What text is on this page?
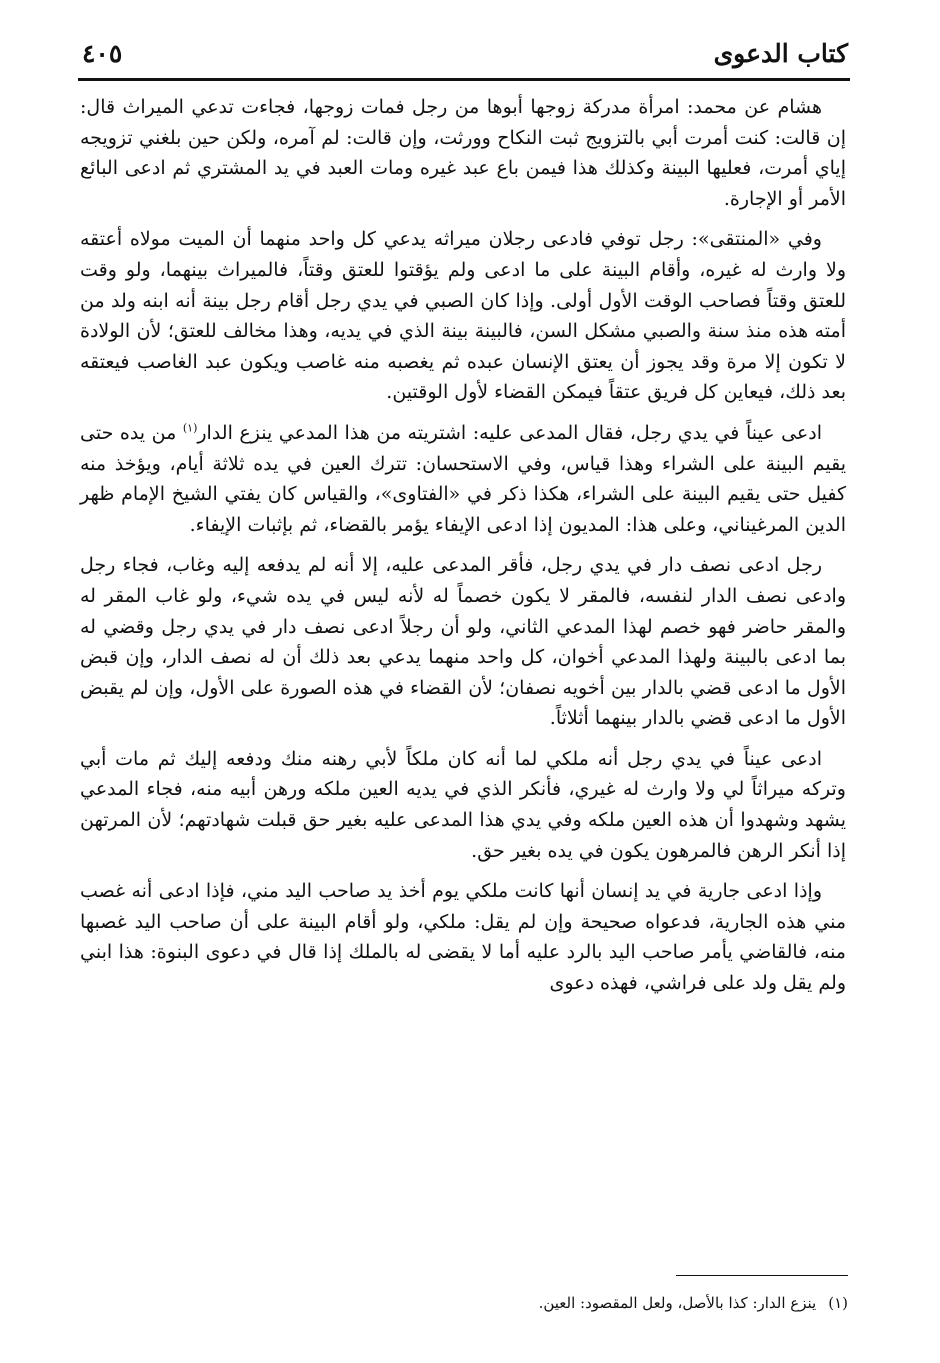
كتاب الدعوى
٤٠٥

هشام عن محمد: امرأة مدركة زوجها أبوها من رجل فمات زوجها، فجاءت تدعي الميراث قال: إن قالت: كنت أمرت أبي بالتزويج ثبت النكاح وورثت، وإن قالت: لم آمره، ولكن حين بلغني تزويجه إياي أمرت، فعليها البينة وكذلك هذا فيمن باع عبد غيره ومات العبد في يد المشتري ثم ادعى البائع الأمر أو الإجارة.

وفي «المنتقى»: رجل توفي فادعى رجلان ميراثه يدعي كل واحد منهما أن الميت مولاه أعتقه ولا وارث له غيره، وأقام البينة على ما ادعى ولم يؤقتوا للعتق وقتاً، فالميراث بينهما، ولو وقت للعتق وقتاً فصاحب الوقت الأول أولى. وإذا كان الصبي في يدي رجل أقام رجل بينة أنه ابنه ولد من أمته هذه منذ سنة والصبي مشكل السن، فالبينة بينة الذي في يديه، وهذا مخالف للعتق؛ لأن الولادة لا تكون إلا مرة وقد يجوز أن يعتق الإنسان عبده ثم يغصبه منه غاصب ويكون عبد الغاصب فيعتقه بعد ذلك، فيعاين كل فريق عتقاً فيمكن القضاء لأول الوقتين.

ادعى عيناً في يدي رجل، فقال المدعى عليه: اشتريته من هذا المدعي ينزع الدار$^{(١)}$ من يده حتى يقيم البينة على الشراء وهذا قياس، وفي الاستحسان: تترك العين في يده ثلاثة أيام، ويؤخذ منه كفيل حتى يقيم البينة على الشراء، هكذا ذكر في «الفتاوى»، والقياس كان يفتي الشيخ الإمام ظهر الدين المرغيناني، وعلى هذا: المديون إذا ادعى الإيفاء يؤمر بالقضاء، ثم بإثبات الإيفاء.

رجل ادعى نصف دار في يدي رجل، فأقر المدعى عليه، إلا أنه لم يدفعه إليه وغاب، فجاء رجل وادعى نصف الدار لنفسه، فالمقر لا يكون خصماً له لأنه ليس في يده شيء، ولو غاب المقر له والمقر حاضر فهو خصم لهذا المدعي الثاني، ولو أن رجلاً ادعى نصف دار في يدي رجل وقضي له بما ادعى بالبينة ولهذا المدعي أخوان، كل واحد منهما يدعي بعد ذلك أن له نصف الدار، وإن قبض الأول ما ادعى قضي بالدار بين أخويه نصفان؛ لأن القضاء في هذه الصورة على الأول، وإن لم يقبض الأول ما ادعى قضي بالدار بينهما أثلاثاً.

ادعى عيناً في يدي رجل أنه ملكي لما أنه كان ملكاً لأبي رهنه منك ودفعه إليك ثم مات أبي وتركه ميراثاً لي ولا وارث له غيري، فأنكر الذي في يديه العين ملكه ورهن أبيه منه، فجاء المدعي يشهد وشهدوا أن هذه العين ملكه وفي يدي هذا المدعى عليه بغير حق قبلت شهادتهم؛ لأن المرتهن إذا أنكر الرهن فالمرهون يكون في يده بغير حق.

وإذا ادعى جارية في يد إنسان أنها كانت ملكي يوم أخذ يد صاحب اليد مني، فإذا ادعى أنه غصب مني هذه الجارية، فدعواه صحيحة وإن لم يقل: ملكي، ولو أقام البينة على أن صاحب اليد غصبها منه، فالقاضي يأمر صاحب اليد بالرد عليه أما لا يقضى له بالملك إذا قال في دعوى البنوة: هذا ابني ولم يقل ولد على فراشي، فهذه دعوى

(١)ينزع الدار: كذا بالأصل، ولعل المقصود: العين.
